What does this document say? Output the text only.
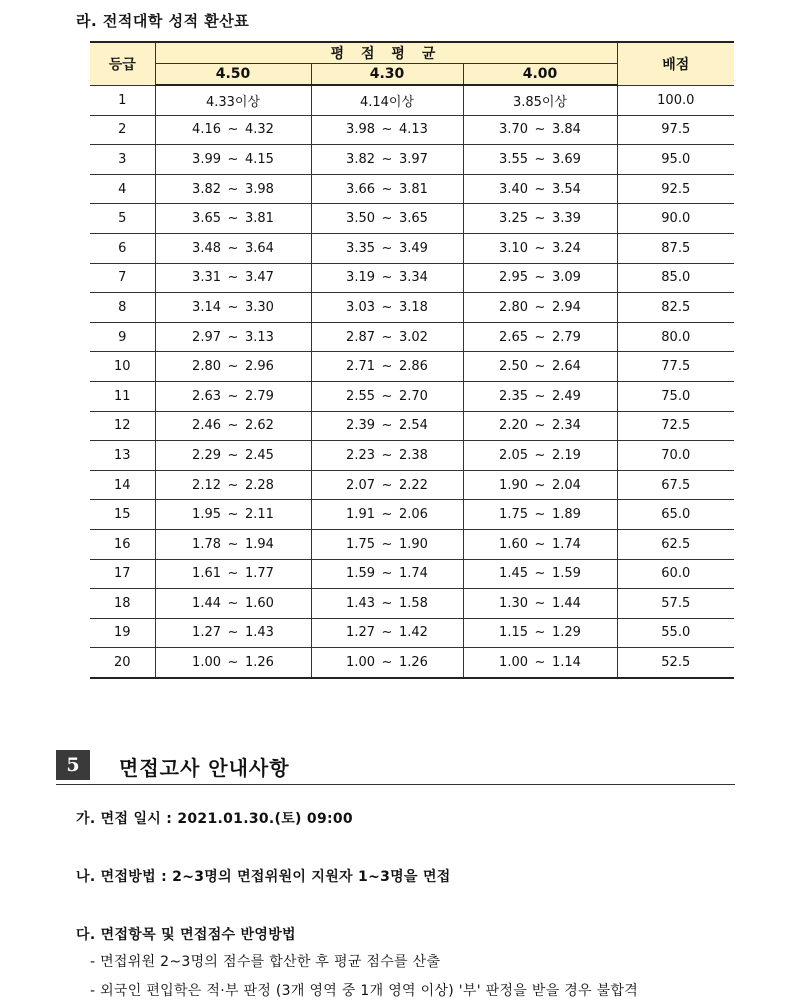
라. 전적대학 성적 환산표
등급	평 점 평 균			배점
	4.50	4.30	4.00	
1	4.33이상	4.14이상	3.85이상	100.0
2	4.16 ~ 4.32	3.98 ~ 4.13	3.70 ~ 3.84	97.5
3	3.99 ~ 4.15	3.82 ~ 3.97	3.55 ~ 3.69	95.0
4	3.82 ~ 3.98	3.66 ~ 3.81	3.40 ~ 3.54	92.5
5	3.65 ~ 3.81	3.50 ~ 3.65	3.25 ~ 3.39	90.0
6	3.48 ~ 3.64	3.35 ~ 3.49	3.10 ~ 3.24	87.5
7	3.31 ~ 3.47	3.19 ~ 3.34	2.95 ~ 3.09	85.0
8	3.14 ~ 3.30	3.03 ~ 3.18	2.80 ~ 2.94	82.5
9	2.97 ~ 3.13	2.87 ~ 3.02	2.65 ~ 2.79	80.0
10	2.80 ~ 2.96	2.71 ~ 2.86	2.50 ~ 2.64	77.5
11	2.63 ~ 2.79	2.55 ~ 2.70	2.35 ~ 2.49	75.0
12	2.46 ~ 2.62	2.39 ~ 2.54	2.20 ~ 2.34	72.5
13	2.29 ~ 2.45	2.23 ~ 2.38	2.05 ~ 2.19	70.0
14	2.12 ~ 2.28	2.07 ~ 2.22	1.90 ~ 2.04	67.5
15	1.95 ~ 2.11	1.91 ~ 2.06	1.75 ~ 1.89	65.0
16	1.78 ~ 1.94	1.75 ~ 1.90	1.60 ~ 1.74	62.5
17	1.61 ~ 1.77	1.59 ~ 1.74	1.45 ~ 1.59	60.0
18	1.44 ~ 1.60	1.43 ~ 1.58	1.30 ~ 1.44	57.5
19	1.27 ~ 1.43	1.27 ~ 1.42	1.15 ~ 1.29	55.0
20	1.00 ~ 1.26	1.00 ~ 1.26	1.00 ~ 1.14	52.5
5	면접고사 안내사항
가. 면접 일시 : 2021.01.30.(토) 09:00
나. 면접방법 : 2~3명의 면접위원이 지원자 1~3명을 면접
다. 면접항목 및 면접점수 반영방법
- 면접위원 2~3명의 점수를 합산한 후 평균 점수를 산출
- 외국인 편입학은 적·부 판정 (3개 영역 중 1개 영역 이상) '부' 판정을 받을 경우 불합격
